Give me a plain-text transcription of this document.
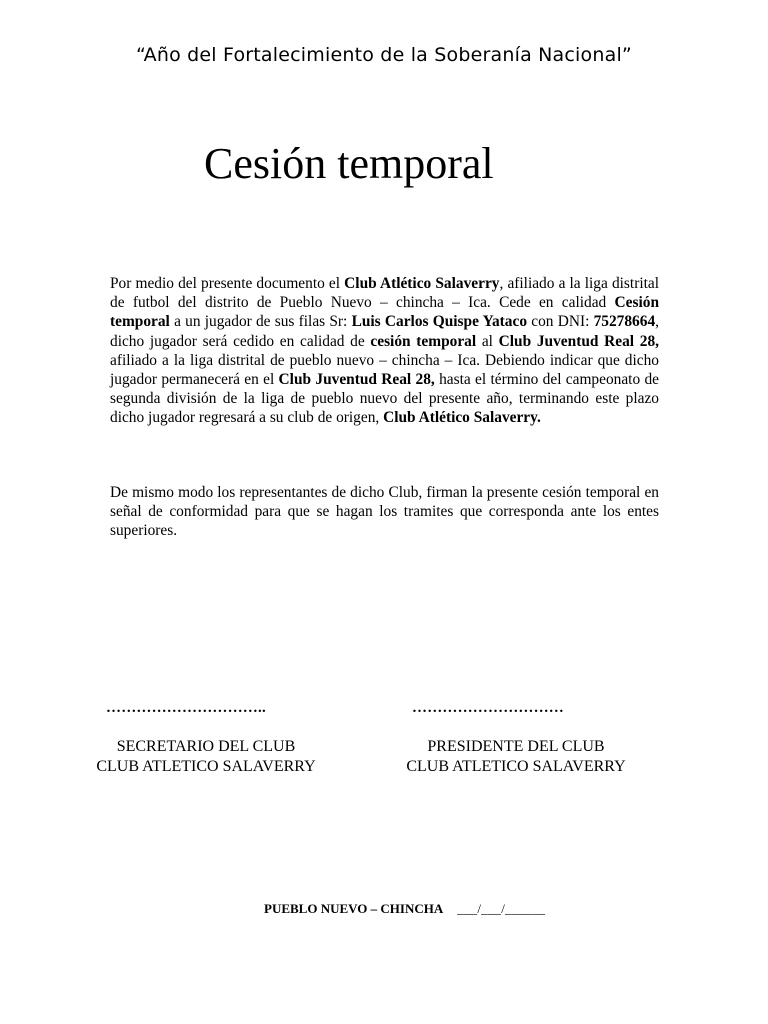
“Año del Fortalecimiento de la Soberanía Nacional”
Cesión temporal

Por medio del presente documento el Club Atlético Salaverry, afiliado a la liga distrital de futbol del distrito de Pueblo Nuevo – chincha – Ica. Cede en calidad Cesión temporal a un jugador de sus filas Sr: Luis Carlos Quispe Yataco con DNI: 75278664, dicho jugador será cedido en calidad de cesión temporal al Club Juventud Real 28, afiliado a la liga distrital de pueblo nuevo – chincha – Ica. Debiendo indicar que dicho jugador permanecerá en el Club Juventud Real 28, hasta el término del campeonato de segunda división de la liga de pueblo nuevo del presente año, terminando este plazo dicho jugador regresará a su club de origen, Club Atlético Salaverry.

De mismo modo los representantes de dicho Club, firman la presente cesión temporal en señal de conformidad para que se hagan los tramites que corresponda ante los entes superiores.

…………………………..	…………………………
SECRETARIO DEL CLUB
CLUB ATLETICO SALAVERRY
PRESIDENTE DEL CLUB
CLUB ATLETICO SALAVERRY
PUEBLO NUEVO – CHINCHA ___/___/______
